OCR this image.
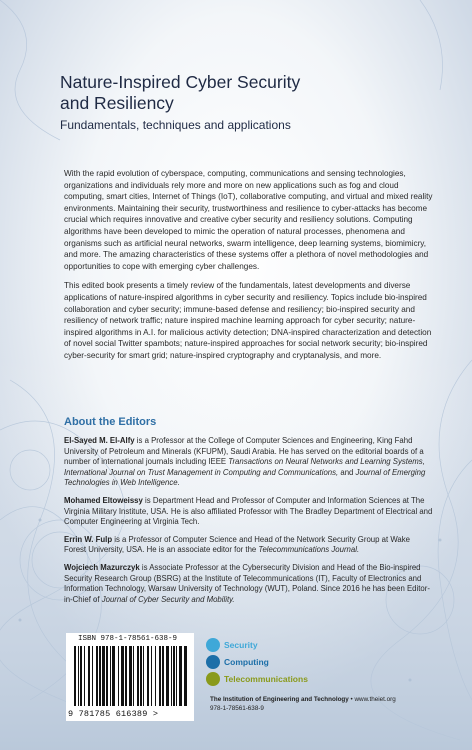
Nature-Inspired Cyber Security
and Resiliency
Fundamentals, techniques and applications

With the rapid evolution of cyberspace, computing, communications and sensing technologies, organizations and individuals rely more and more on new applications such as fog and cloud computing, smart cities, Internet of Things (IoT), collaborative computing, and virtual and mixed reality environments. Maintaining their security, trustworthiness and resilience to cyber-attacks has become crucial which requires innovative and creative cyber security and resiliency solutions. Computing algorithms have been developed to mimic the operation of natural processes, phenomena and organisms such as artificial neural networks, swarm intelligence, deep learning systems, biomimicry, and more. The amazing characteristics of these systems offer a plethora of novel methodologies and opportunities to cope with emerging cyber challenges.

This edited book presents a timely review of the fundamentals, latest developments and diverse applications of nature-inspired algorithms in cyber security and resiliency. Topics include bio-inspired collaboration and cyber security; immune-based defense and resiliency; bio-inspired security and resiliency of network traffic; nature inspired machine learning approach for cyber security; nature-inspired algorithms in A.I. for malicious activity detection; DNA-inspired characterization and detection of novel social Twitter spambots; nature-inspired approaches for social network security; bio-inspired cyber-security for smart grid; nature-inspired cryptography and cryptanalysis, and more.

About the Editors

El-Sayed M. El-Alfy is a Professor at the College of Computer Sciences and Engineering, King Fahd University of Petroleum and Minerals (KFUPM), Saudi Arabia. He has served on the editorial boards of a number of international journals including IEEE Transactions on Neural Networks and Learning Systems, International Journal on Trust Management in Computing and Communications, and Journal of Emerging Technologies in Web Intelligence.

Mohamed Eltoweissy is Department Head and Professor of Computer and Information Sciences at The Virginia Military Institute, USA. He is also affiliated Professor with The Bradley Department of Electrical and Computer Engineering at Virginia Tech.

Errin W. Fulp is a Professor of Computer Science and Head of the Network Security Group at Wake Forest University, USA. He is an associate editor for the Telecommunications Journal.

Wojciech Mazurczyk is Associate Professor at the Cybersecurity Division and Head of the Bio-inspired Security Research Group (BSRG) at the Institute of Telecommunications (IT), Faculty of Electronics and Information Technology, Warsaw University of Technology (WUT), Poland. Since 2016 he has been Editor-in-Chief of Journal of Cyber Security and Mobility.

ISBN 978-1-78561-638-9
9 781785 616389 >
Security
Computing
Telecommunications
The Institution of Engineering and Technology • www.theiet.org
978-1-78561-638-9
